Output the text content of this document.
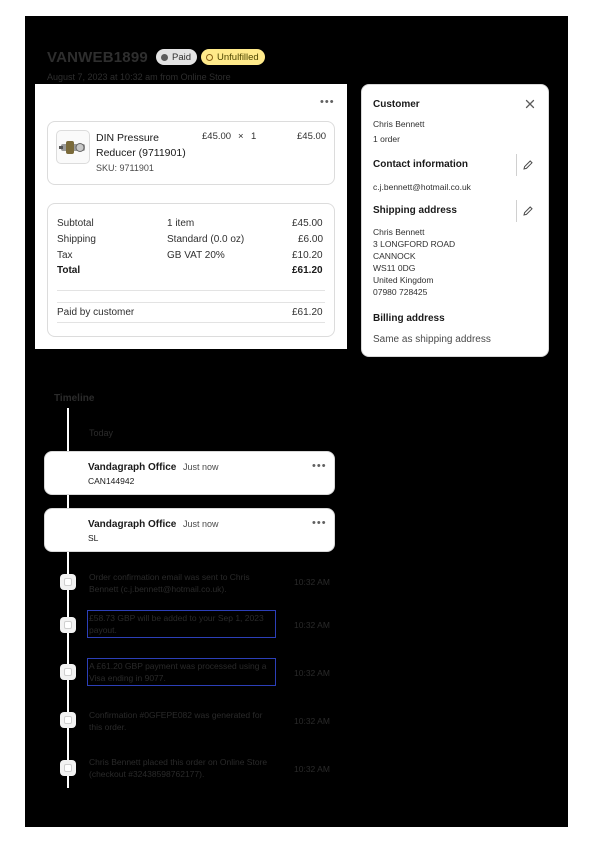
VANWEB1899	Paid	Unfulfilled
August 7, 2023 at 10:32 am from Online Store
•••
DIN Pressure Reducer (9711901)
SKU: 9711901
£45.00 × 1	£45.00
Subtotal	1 item	£45.00
Shipping	Standard (0.0 oz)	£6.00
Tax	GB VAT 20%	£10.20
Total	£61.20
Paid by customer	£61.20
Customer
Chris Bennett
1 order
Contact information
c.j.bennett@hotmail.co.uk
Shipping address
Chris Bennett
3 LONGFORD ROAD
CANNOCK
WS11 0DG
United Kingdom
07980 728425
Billing address
Same as shipping address
Timeline
Today
Vandagraph Office Just now
CAN144942
•••
Vandagraph Office Just now
SL
•••
Order confirmation email was sent to Chris
Bennett (c.j.bennett@hotmail.co.uk).
10:32 AM
£58.73 GBP will be added to your Sep 1, 2023
payout.	10:32 AM
A £61.20 GBP payment was processed using a
Visa ending in 9077.	10:32 AM
Confirmation #0GFEPE082 was generated for
this order.
10:32 AM
Chris Bennett placed this order on Online Store
(checkout #32438598762177).	10:32 AM
